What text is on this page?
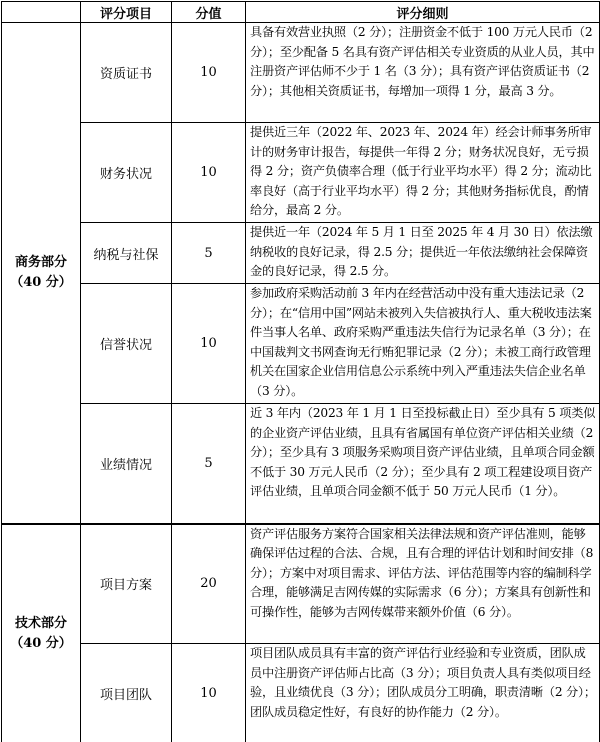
	评分项目	分值	评分细则

商务部分
（40 分）	资质证书	10	具备有效营业执照（2 分）；注册资金不低于 100 万元人民币（2 分）；至少配备 5 名具有资产评估相关专业资质的从业人员，其中注册资产评估师不少于 1 名（3 分）；具有资产评估资质证书（2 分）；其他相关资质证书，每增加一项得 1 分，最高 3 分。
	财务状况	10	提供近三年（2022 年、2023 年、2024 年）经会计师事务所审计的财务审计报告，每提供一年得 2 分；财务状况良好，无亏损得 2 分；资产负债率合理（低于行业平均水平）得 2 分；流动比率良好（高于行业平均水平）得 2 分；其他财务指标优良，酌情给分，最高 2 分。
	纳税与社保	5	提供近一年（2024 年 5 月 1 日至 2025 年 4 月 30 日）依法缴纳税收的良好记录，得 2.5 分；提供近一年依法缴纳社会保障资金的良好记录，得 2.5 分。
	信誉状况	10	参加政府采购活动前 3 年内在经营活动中没有重大违法记录（2 分）；在“信用中国”网站未被列入失信被执行人、重大税收违法案件当事人名单、政府采购严重违法失信行为记录名单（3 分）；在中国裁判文书网查询无行贿犯罪记录（2 分）；未被工商行政管理机关在国家企业信用信息公示系统中列入严重违法失信企业名单（3 分）。
	业绩情况	5	近 3 年内（2023 年 1 月 1 日至投标截止日）至少具有 5 项类似的企业资产评估业绩，且具有省属国有单位资产评估相关业绩（2 分）；至少具有 3 项服务采购项目资产评估业绩，且单项合同金额不低于 30 万元人民币（2 分）；至少具有 2 项工程建设项目资产评估业绩，且单项合同金额不低于 50 万元人民币（1 分）。

技术部分
（40 分）	项目方案	20	资产评估服务方案符合国家相关法律法规和资产评估准则，能够确保评估过程的合法、合规，且有合理的评估计划和时间安排（8 分）；方案中对项目需求、评估方法、评估范围等内容的编制科学合理，能够满足吉网传媒的实际需求（6 分）；方案具有创新性和可操作性，能够为吉网传媒带来额外价值（6 分）。
	项目团队	10	项目团队成员具有丰富的资产评估行业经验和专业资质，团队成员中注册资产评估师占比高（3 分）；项目负责人具有类似项目经验，且业绩优良（3 分）；团队成员分工明确，职责清晰（2 分）；团队成员稳定性好，有良好的协作能力（2 分）。
